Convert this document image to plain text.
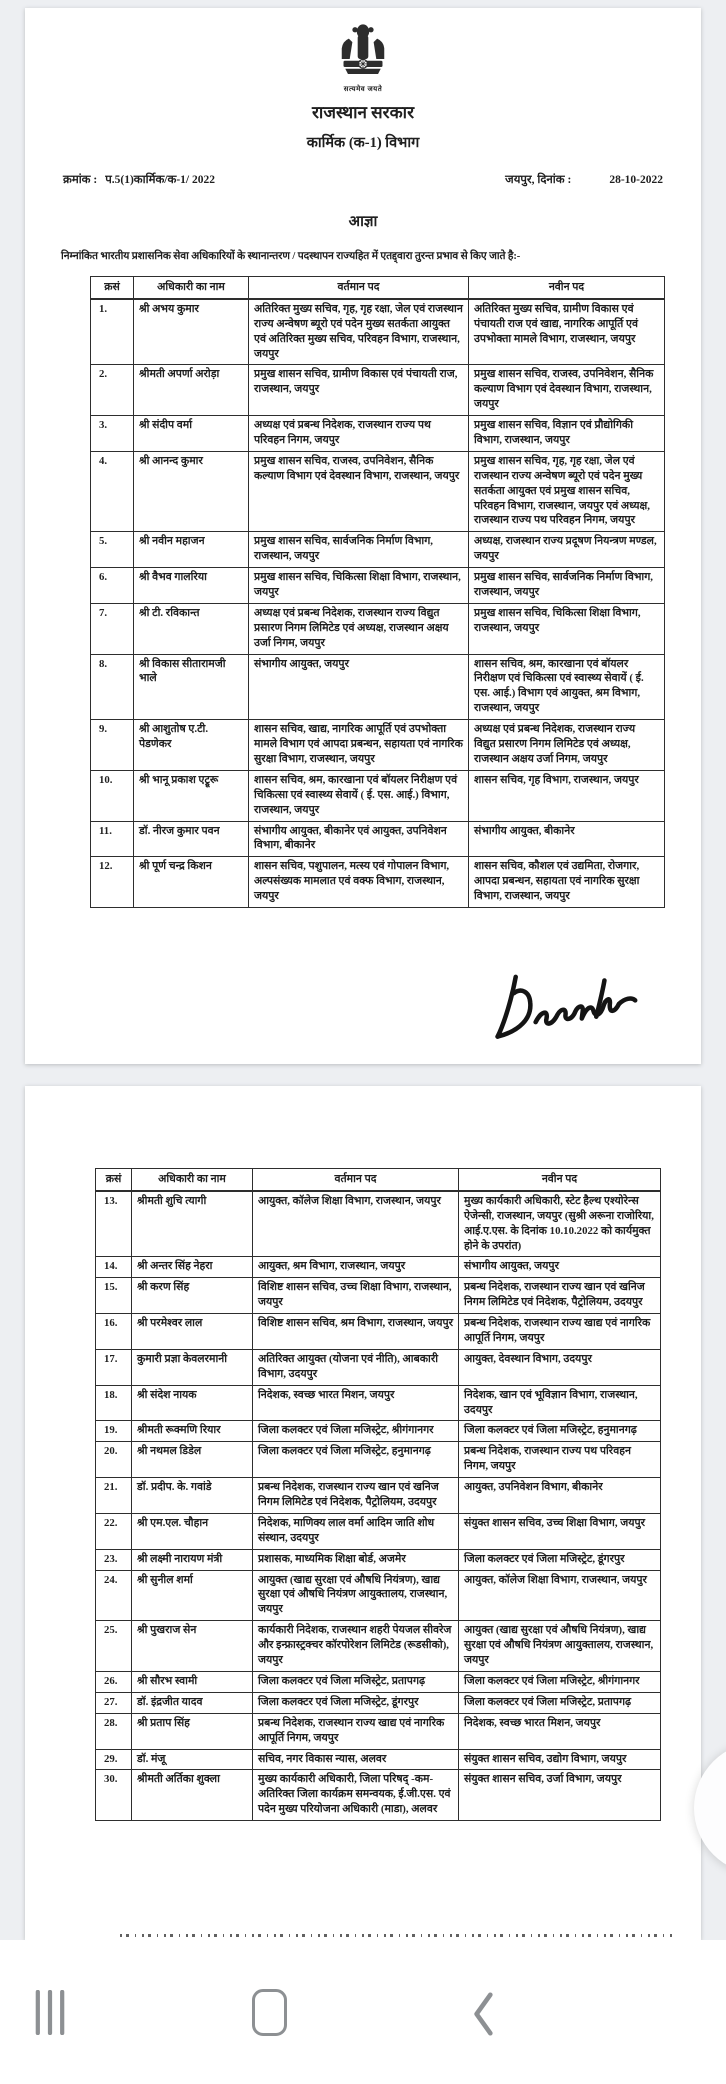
सत्यमेव जयते
राजस्थान सरकार
कार्मिक (क-1) विभाग
क्रमांक : प.5(1)कार्मिक/क-1/ 2022	जयपुर, दिनांक :	28-10-2022
आज्ञा
निम्नांकित भारतीय प्रशासनिक सेवा अधिकारियों के स्थानान्तरण / पदस्थापन राज्यहित में एतद्द्वारा तुरन्त प्रभाव से किए जाते है:-
क्रसं	अधिकारी का नाम	वर्तमान पद	नवीन पद
1.	श्री अभय कुमार	अतिरिक्त मुख्य सचिव, गृह, गृह रक्षा, जेल एवं राजस्थान राज्य अन्वेषण ब्यूरो एवं पदेन मुख्य सतर्कता आयुक्त एवं अतिरिक्त मुख्य सचिव, परिवहन विभाग, राजस्थान, जयपुर	अतिरिक्त मुख्य सचिव, ग्रामीण विकास एवं पंचायती राज एवं खाद्य, नागरिक आपूर्ति एवं उपभोक्ता मामले विभाग, राजस्थान, जयपुर
2.	श्रीमती अपर्णा अरोड़ा	प्रमुख शासन सचिव, ग्रामीण विकास एवं पंचायती राज, राजस्थान, जयपुर	प्रमुख शासन सचिव, राजस्व, उपनिवेशन, सैनिक कल्याण विभाग एवं देवस्थान विभाग, राजस्थान, जयपुर
3.	श्री संदीप वर्मा	अध्यक्ष एवं प्रबन्ध निदेशक, राजस्थान राज्य पथ परिवहन निगम, जयपुर	प्रमुख शासन सचिव, विज्ञान एवं प्रौद्योगिकी विभाग, राजस्थान, जयपुर
4.	श्री आनन्द कुमार	प्रमुख शासन सचिव, राजस्व, उपनिवेशन, सैनिक कल्याण विभाग एवं देवस्थान विभाग, राजस्थान, जयपुर	प्रमुख शासन सचिव, गृह, गृह रक्षा, जेल एवं राजस्थान राज्य अन्वेषण ब्यूरो एवं पदेन मुख्य सतर्कता आयुक्त एवं प्रमुख शासन सचिव, परिवहन विभाग, राजस्थान, जयपुर एवं अध्यक्ष, राजस्थान राज्य पथ परिवहन निगम, जयपुर
5.	श्री नवीन महाजन	प्रमुख शासन सचिव, सार्वजनिक निर्माण विभाग, राजस्थान, जयपुर	अध्यक्ष, राजस्थान राज्य प्रदूषण नियन्त्रण मण्डल, जयपुर
6.	श्री वैभव गालरिया	प्रमुख शासन सचिव, चिकित्सा शिक्षा विभाग, राजस्थान, जयपुर	प्रमुख शासन सचिव, सार्वजनिक निर्माण विभाग, राजस्थान, जयपुर
7.	श्री टी. रविकान्त	अध्यक्ष एवं प्रबन्ध निदेशक, राजस्थान राज्य विद्युत प्रसारण निगम लिमिटेड एवं अध्यक्ष, राजस्थान अक्षय उर्जा निगम, जयपुर	प्रमुख शासन सचिव, चिकित्सा शिक्षा विभाग, राजस्थान, जयपुर
8.	श्री विकास सीतारामजी भाले	संभागीय आयुक्त, जयपुर	शासन सचिव, श्रम, कारखाना एवं बॉयलर निरीक्षण एवं चिकित्सा एवं स्वास्थ्य सेवायें ( ई. एस. आई.) विभाग एवं आयुक्त, श्रम विभाग, राजस्थान, जयपुर
9.	श्री आशुतोष ए.टी. पेडणेकर	शासन सचिव, खाद्य, नागरिक आपूर्ति एवं उपभोक्ता मामले विभाग एवं आपदा प्रबन्धन, सहायता एवं नागरिक सुरक्षा विभाग, राजस्थान, जयपुर	अध्यक्ष एवं प्रबन्ध निदेशक, राजस्थान राज्य विद्युत प्रसारण निगम लिमिटेड एवं अध्यक्ष, राजस्थान अक्षय उर्जा निगम, जयपुर
10.	श्री भानू प्रकाश एट्रूरू	शासन सचिव, श्रम, कारखाना एवं बॉयलर निरीक्षण एवं चिकित्सा एवं स्वास्थ्य सेवायें ( ई. एस. आई.) विभाग, राजस्थान, जयपुर	शासन सचिव, गृह विभाग, राजस्थान, जयपुर
11.	डॉ. नीरज कुमार पवन	संभागीय आयुक्त, बीकानेर एवं आयुक्त, उपनिवेशन विभाग, बीकानेर	संभागीय आयुक्त, बीकानेर
12.	श्री पूर्ण चन्द्र किशन	शासन सचिव, पशुपालन, मत्स्य एवं गोपालन विभाग, अल्पसंख्यक मामलात एवं वक्फ विभाग, राजस्थान, जयपुर	शासन सचिव, कौशल एवं उद्यमिता, रोजगार, आपदा प्रबन्धन, सहायता एवं नागरिक सुरक्षा विभाग, राजस्थान, जयपुर
क्रसं	अधिकारी का नाम	वर्तमान पद	नवीन पद
13.	श्रीमती शुचि त्यागी	आयुक्त, कॉलेज शिक्षा विभाग, राजस्थान, जयपुर	मुख्य कार्यकारी अधिकारी, स्टेट हैल्थ एश्योरेन्स ऐजेन्सी, राजस्थान, जयपुर (सुश्री अरूना राजोरिया, आई.ए.एस. के दिनांक 10.10.2022 को कार्यमुक्त होने के उपरांत)
14.	श्री अन्तर सिंह नेहरा	आयुक्त, श्रम विभाग, राजस्थान, जयपुर	संभागीय आयुक्त, जयपुर
15.	श्री करण सिंह	विशिष्ट शासन सचिव, उच्च शिक्षा विभाग, राजस्थान, जयपुर	प्रबन्ध निदेशक, राजस्थान राज्य खान एवं खनिज निगम लिमिटेड एवं निदेशक, पैट्रोलियम, उदयपुर
16.	श्री परमेश्वर लाल	विशिष्ट शासन सचिव, श्रम विभाग, राजस्थान, जयपुर	प्रबन्ध निदेशक, राजस्थान राज्य खाद्य एवं नागरिक आपूर्ति निगम, जयपुर
17.	कुमारी प्रज्ञा केवलरमानी	अतिरिक्त आयुक्त (योजना एवं नीति), आबकारी विभाग, उदयपुर	आयुक्त, देवस्थान विभाग, उदयपुर
18.	श्री संदेश नायक	निदेशक, स्वच्छ भारत मिशन, जयपुर	निदेशक, खान एवं भूविज्ञान विभाग, राजस्थान, उदयपुर
19.	श्रीमती रूक्मणि रियार	जिला कलक्टर एवं जिला मजिस्ट्रेट, श्रीगंगानगर	जिला कलक्टर एवं जिला मजिस्ट्रेट, हनुमानगढ़
20.	श्री नथमल डिडेल	जिला कलक्टर एवं जिला मजिस्ट्रेट, हनुमानगढ़	प्रबन्ध निदेशक, राजस्थान राज्य पथ परिवहन निगम, जयपुर
21.	डॉ. प्रदीप. के. गवांडे	प्रबन्ध निदेशक, राजस्थान राज्य खान एवं खनिज निगम लिमिटेड एवं निदेशक, पैट्रोलियम, उदयपुर	आयुक्त, उपनिवेशन विभाग, बीकानेर
22.	श्री एम.एल. चौहान	निदेशक, माणिक्य लाल वर्मा आदिम जाति शोध संस्थान, उदयपुर	संयुक्त शासन सचिव, उच्च शिक्षा विभाग, जयपुर
23.	श्री लक्ष्मी नारायण मंत्री	प्रशासक, माध्यमिक शिक्षा बोर्ड, अजमेर	जिला कलक्टर एवं जिला मजिस्ट्रेट, डूंगरपुर
24.	श्री सुनील शर्मा	आयुक्त (खाद्य सुरक्षा एवं औषधि नियंत्रण), खाद्य सुरक्षा एवं औषधि नियंत्रण आयुक्तालय, राजस्थान, जयपुर	आयुक्त, कॉलेज शिक्षा विभाग, राजस्थान, जयपुर
25.	श्री पुखराज सेन	कार्यकारी निदेशक, राजस्थान शहरी पेयजल सीवरेज और इन्फ्रास्ट्रक्चर कॉरपोरेशन लिमिटेड (रूडसीको), जयपुर	आयुक्त (खाद्य सुरक्षा एवं औषधि नियंत्रण), खाद्य सुरक्षा एवं औषधि नियंत्रण आयुक्तालय, राजस्थान, जयपुर
26.	श्री सौरभ स्वामी	जिला कलक्टर एवं जिला मजिस्ट्रेट, प्रतापगढ़	जिला कलक्टर एवं जिला मजिस्ट्रेट, श्रीगंगानगर
27.	डॉ. इंद्रजीत यादव	जिला कलक्टर एवं जिला मजिस्ट्रेट, डूंगरपुर	जिला कलक्टर एवं जिला मजिस्ट्रेट, प्रतापगढ़
28.	श्री प्रताप सिंह	प्रबन्ध निदेशक, राजस्थान राज्य खाद्य एवं नागरिक आपूर्ति निगम, जयपुर	निदेशक, स्वच्छ भारत मिशन, जयपुर
29.	डॉ. मंजू	सचिव, नगर विकास न्यास, अलवर	संयुक्त शासन सचिव, उद्योग विभाग, जयपुर
30.	श्रीमती अर्तिका शुक्ला	मुख्य कार्यकारी अधिकारी, जिला परिषद् -कम- अतिरिक्त जिला कार्यक्रम समन्वयक, ई.जी.एस. एवं पदेन मुख्य परियोजना अधिकारी (माडा), अलवर	संयुक्त शासन सचिव, उर्जा विभाग, जयपुर
